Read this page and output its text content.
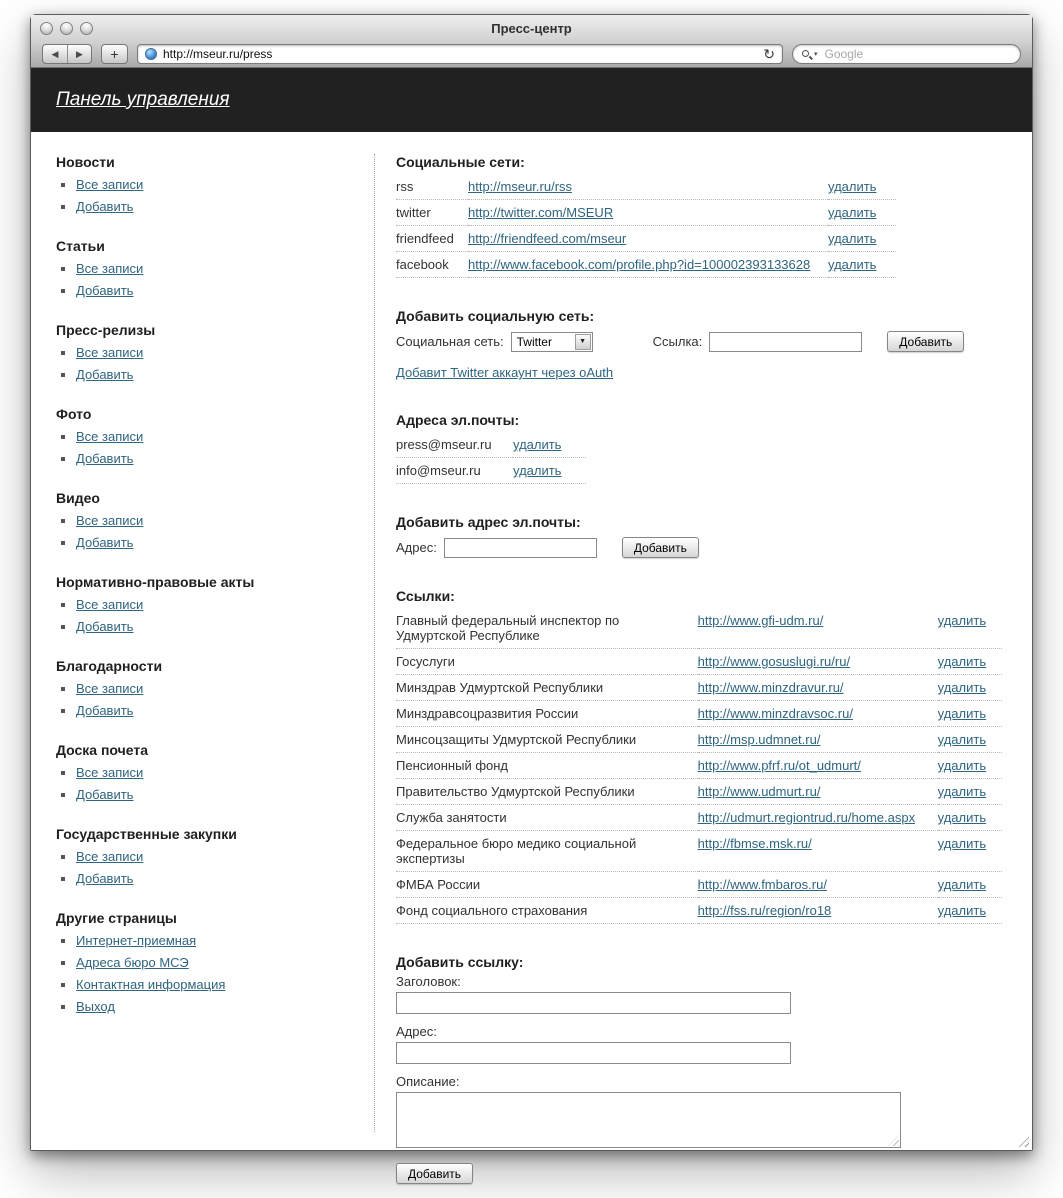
Пресс-центр
◀ ▶ +	http://mseur.ru/press	↻	▾ Google
Панель управления
Новости
▪ Все записи
▪ Добавить
Статьи
▪ Все записи
▪ Добавить
Пресс-релизы
▪ Все записи
▪ Добавить
Фото
▪ Все записи
▪ Добавить
Видео
▪ Все записи
▪ Добавить
Нормативно-правовые акты
▪ Все записи
▪ Добавить
Благодарности
▪ Все записи
▪ Добавить
Доска почета
▪ Все записи
▪ Добавить
Государственные закупки
▪ Все записи
▪ Добавить
Другие страницы
▪ Интернет-приемная
▪ Адреса бюро МСЭ
▪ Контактная информация
▪ Выход
Социальные сети:
rss	http://mseur.ru/rss	удалить
twitter	http://twitter.com/MSEUR	удалить
friendfeed	http://friendfeed.com/mseur	удалить
facebook	http://www.facebook.com/profile.php?id=100002393133628	удалить
Добавить социальную сеть:
Социальная сеть: Twitter	▼	Ссылка:	Добавить
Добавит Twitter аккаунт через oAuth
Адреса эл.почты:
press@mseur.ru	удалить
info@mseur.ru	удалить
Добавить адрес эл.почты:
Адрес:	Добавить
Ссылки:
Главный федеральный инспектор по Удмуртской Республике	http://www.gfi-udm.ru/	удалить
Госуслуги	http://www.gosuslugi.ru/ru/	удалить
Минздрав Удмуртской Республики	http://www.minzdravur.ru/	удалить
Минздравсоцразвития России	http://www.minzdravsoc.ru/	удалить
Минсоцзащиты Удмуртской Республики	http://msp.udmnet.ru/	удалить
Пенсионный фонд	http://www.pfrf.ru/ot_udmurt/	удалить
Правительство Удмуртской Республики	http://www.udmurt.ru/	удалить
Служба занятости	http://udmurt.regiontrud.ru/home.aspx	удалить
Федеральное бюро медико социальной экспертизы	http://fbmse.msk.ru/	удалить
ФМБА России	http://www.fmbaros.ru/	удалить
Фонд социального страхования	http://fss.ru/region/ro18	удалить
Добавить ссылку:
Заголовок:
Адрес:
Описание:
Добавить
